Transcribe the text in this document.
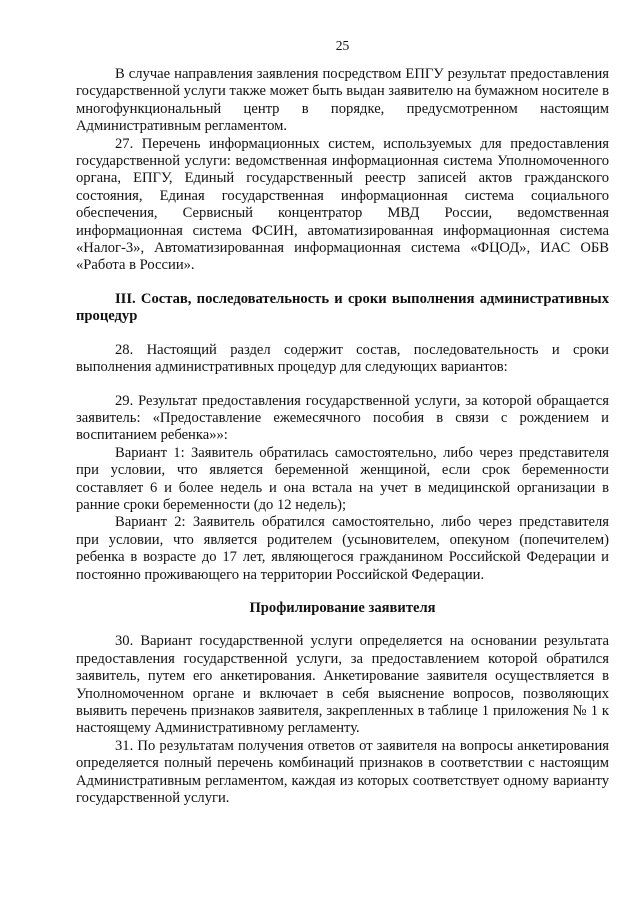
25

В случае направления заявления посредством ЕПГУ результат предоставления государственной услуги также может быть выдан заявителю на бумажном носителе в многофункциональный центр в порядке, предусмотренном настоящим Административным регламентом.

27. Перечень информационных систем, используемых для предоставления государственной услуги: ведомственная информационная система Уполномоченного органа, ЕПГУ, Единый государственный реестр записей актов гражданского состояния, Единая государственная информационная система социального обеспечения, Сервисный концентратор МВД России, ведомственная информационная система ФСИН, автоматизированная информационная система «Налог-3», Автоматизированная информационная система «ФЦОД», ИАС ОБВ «Работа в России».

III. Состав, последовательность и сроки выполнения административных процедур

28. Настоящий раздел содержит состав, последовательность и сроки выполнения административных процедур для следующих вариантов:

29. Результат предоставления государственной услуги, за которой обращается заявитель: «Предоставление ежемесячного пособия в связи с рождением и воспитанием ребенка»»:

Вариант 1: Заявитель обратилась самостоятельно, либо через представителя при условии, что является беременной женщиной, если срок беременности составляет 6 и более недель и она встала на учет в медицинской организации в ранние сроки беременности (до 12 недель);

Вариант 2: Заявитель обратился самостоятельно, либо через представителя при условии, что является родителем (усыновителем, опекуном (попечителем) ребенка в возрасте до 17 лет, являющегося гражданином Российской Федерации и постоянно проживающего на территории Российской Федерации.

Профилирование заявителя

30. Вариант государственной услуги определяется на основании результата предоставления государственной услуги, за предоставлением которой обратился заявитель, путем его анкетирования. Анкетирование заявителя осуществляется в Уполномоченном органе и включает в себя выяснение вопросов, позволяющих выявить перечень признаков заявителя, закрепленных в таблице 1 приложения № 1 к настоящему Административному регламенту.

31. По результатам получения ответов от заявителя на вопросы анкетирования определяется полный перечень комбинаций признаков в соответствии с настоящим Административным регламентом, каждая из которых соответствует одному варианту государственной услуги.
